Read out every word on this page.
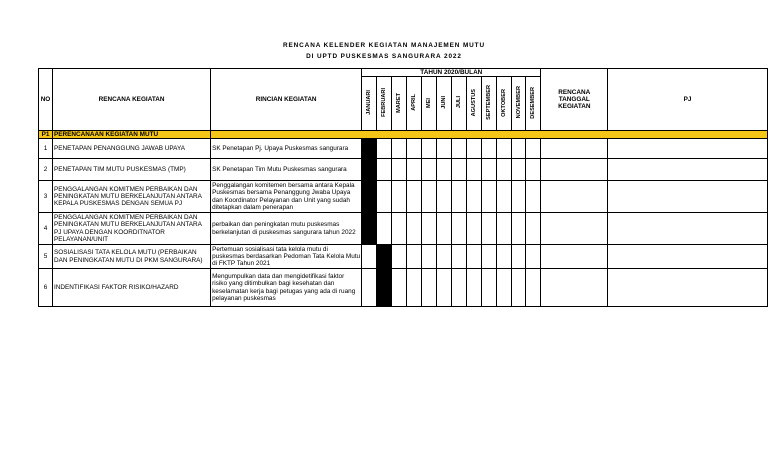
RENCANA KELENDER KEGIATAN MANAJEMEN MUTU
DI UPTD PUSKESMAS SANGURARA 2022
NO	RENCANA KEGIATAN	RINCIAN KEGIATAN	TAHUN 2020/BULAN												RENCANA TANGGAL KEGIATAN	PJ
			JANUARI	FEBRUARI	MARET	APRIL	MEI	JUNI	JULI	AGUSTUS	SEPTEMBER	OKTOBER	NOVEMBER	DESEMBER		
P1	PERENCANAAN KEGIATAN MUTU															
1	PENETAPAN PENANGGUNG JAWAB UPAYA	SK Penetapan Pj. Upaya Puskesmas sangurara														
2	PENETAPAN TIM MUTU PUSKESMAS (TMP)	SK Penetapan Tim Mutu Puskesmas sangurara														
3	PENGGALANGAN KOMITMEN PERBAIKAN DAN PENINGKATAN MUTU BERKELANJUTAN ANTARA KEPALA PUSKESMAS DENGAN SEMUA PJ	Penggalangan komitemen bersama antara Kepala Puskesmas bersama Penanggung Jwaba Upaya dan Koordinator Pelayanan dan Unit yang sudah ditetapkan dalam penerapan														
4	PENGGALANGAN KOMITMEN PERBAIKAN DAN PENINGKATAN MUTU BERKELANJUTAN ANTARA PJ UPAYA DENGAN KOORDITNATOR PELAYANAN/UNIT	perbaikan dan peningkatan mutu puskesmas berkelanjutan di puskesmas sangurara tahun 2022														
5	SOSIALISASI TATA KELOLA MUTU (PERBAIKAN DAN PENINGKATAN MUTU DI PKM SANGURARA)	Pertemuan sosialisasi tata kelola mutu di puskesmas berdasarkan Pedoman Tata Kelola Mutu di FKTP Tahun 2021														
6	INDENTIFIKASI FAKTOR RISIKO/HAZARD	Mengumpulkan data dan mengidetifikasi faktor risiko yang ditimbulkan bagi kesehatan dan keselamatan kerja bagi petugas yang ada di ruang pelayanan puskesmas														
